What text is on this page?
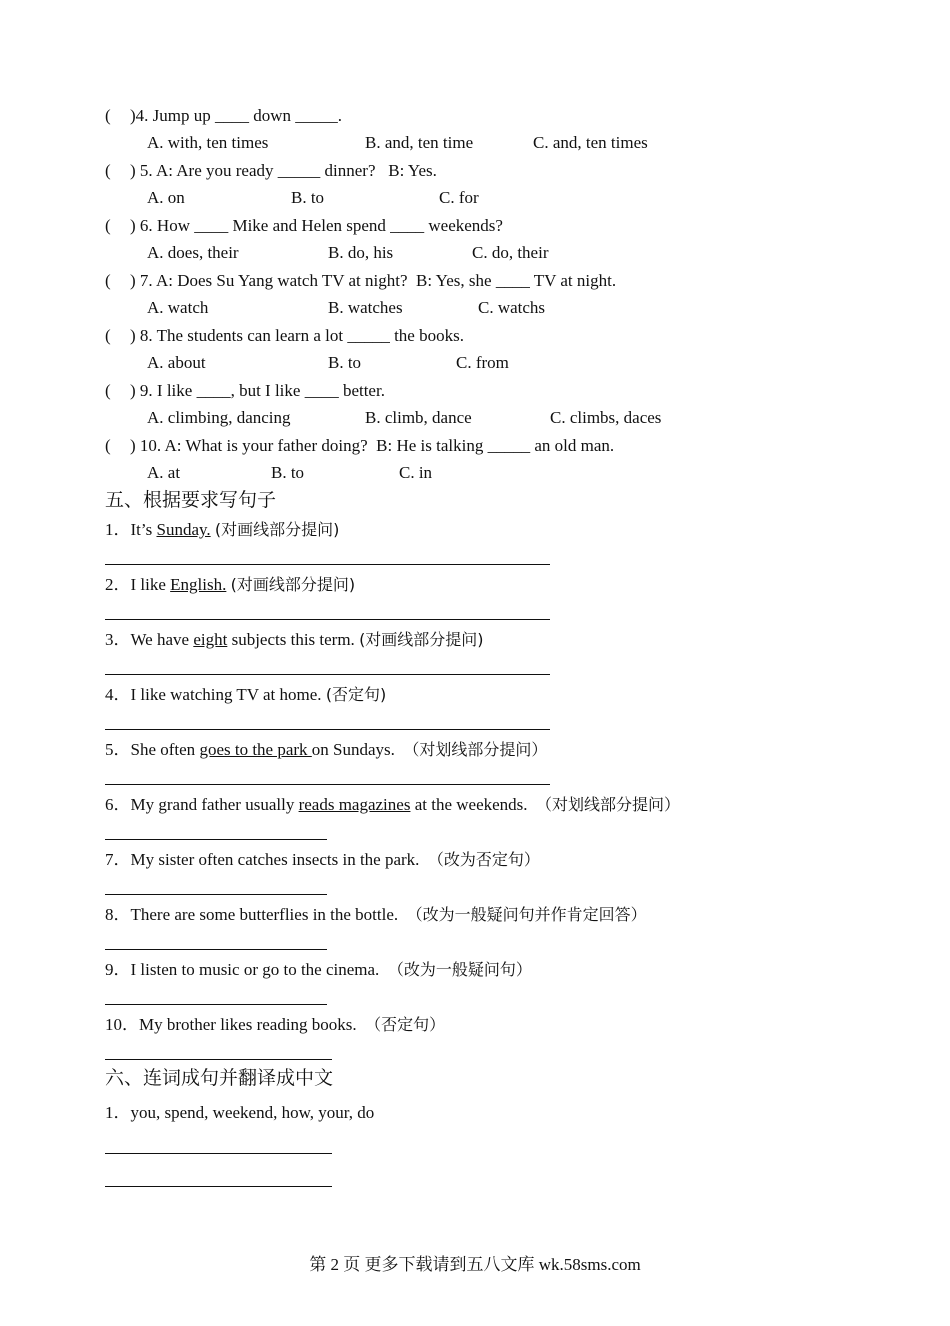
( )4. Jump up ____ down _____.
A. with, ten times	B. and, ten time	C. and, ten times
( ) 5. A: Are you ready _____ dinner?   B: Yes.
A. on	B. to	C. for
( ) 6. How ____ Mike and Helen spend ____ weekends?
A. does, their	B. do, his	C. do, their
( ) 7. A: Does Su Yang watch TV at night?  B: Yes, she ____ TV at night.
A. watch	B. watches	C. watchs
( ) 8. The students can learn a lot _____ the books.
A. about	B. to	C. from
( ) 9. I like ____, but I like ____ better.
A. climbing, dancing	B. climb, dance	C. climbs, daces
( ) 10. A: What is your father doing?  B: He is talking _____ an old man.
A. at	B. to	C. in
五、根据要求写句子
1．It’s Sunday. (对画线部分提问)
2．I like English. (对画线部分提问)
3．We have eight subjects this term. (对画线部分提问)
4．I like watching TV at home. (否定句)
5．She often goes to the park on Sundays.  （对划线部分提问）
6．My grand father usually reads magazines at the weekends.  （对划线部分提问）
7．My sister often catches insects in the park.  （改为否定句）
8．There are some butterflies in the bottle.  （改为一般疑问句并作肯定回答）
9．I listen to music or go to the cinema.  （改为一般疑问句）
10．My brother likes reading books.  （否定句）
六、连词成句并翻译成中文
1．you, spend, weekend, how, your, do
第 2 页 更多下载请到五八文库 wk.58sms.com
